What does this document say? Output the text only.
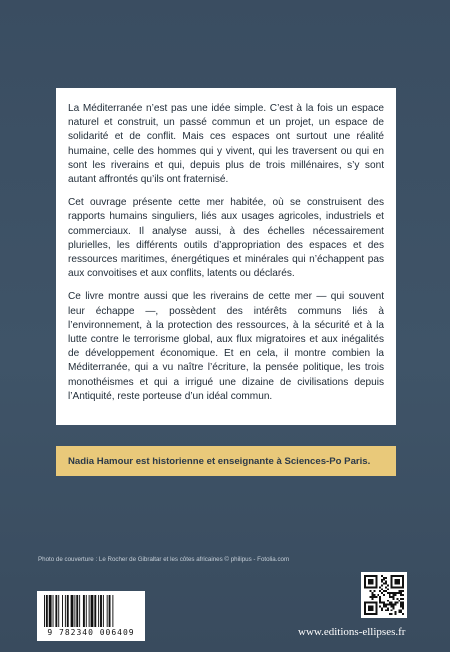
La Méditerranée n’est pas une idée simple. C’est à la fois un espace naturel et construit, un passé commun et un projet, un espace de solidarité et de conflit. Mais ces espaces ont surtout une réalité humaine, celle des hommes qui y vivent, qui les traversent ou qui en sont les riverains et qui, depuis plus de trois millénaires, s’y sont autant affrontés qu’ils ont fraternisé.

Cet ouvrage présente cette mer habitée, où se construisent des rapports humains singuliers, liés aux usages agricoles, industriels et commerciaux. Il analyse aussi, à des échelles nécessairement plurielles, les différents outils d’appropriation des espaces et des ressources maritimes, énergétiques et minérales qui n’échappent pas aux convoitises et aux conflits, latents ou déclarés.

Ce livre montre aussi que les riverains de cette mer — qui souvent leur échappe —, possèdent des intérêts communs liés à l’environnement, à la protection des ressources, à la sécurité et à la lutte contre le terrorisme global, aux flux migratoires et aux inégalités de développement économique. Et en cela, il montre combien la Méditerranée, qui a vu naître l’écriture, la pensée politique, les trois monothéismes et qui a irrigué une dizaine de civilisations depuis l’Antiquité, reste porteuse d’un idéal commun.

Nadia Hamour est historienne et enseignante à Sciences-Po Paris.
Photo de couverture : Le Rocher de Gibraltar et les côtes africaines © philipus - Fotolia.com
9 782340 006409	www.editions-ellipses.fr
